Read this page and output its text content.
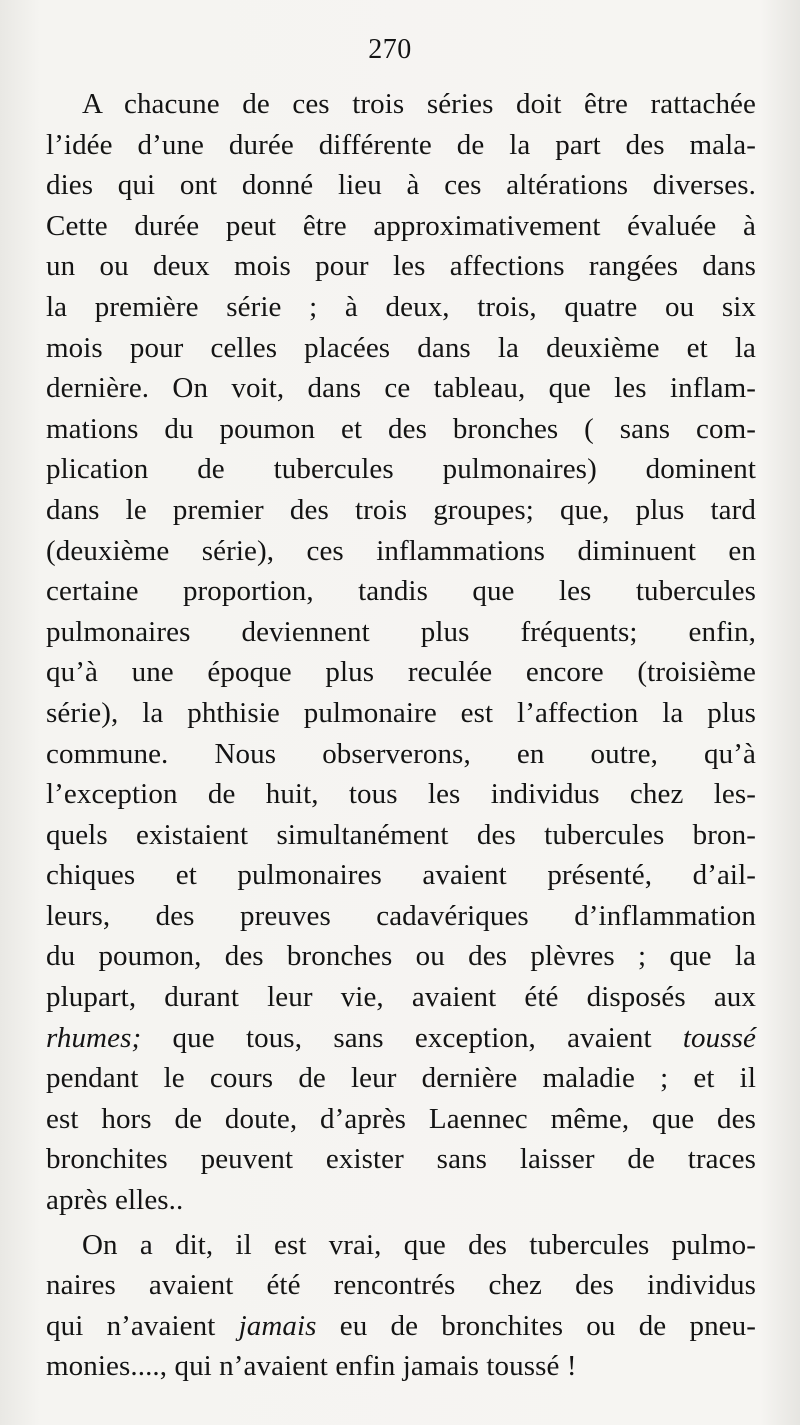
270
A chacune de ces trois séries doit être rattachée
l’idée d’une durée différente de la part des mala-
dies qui ont donné lieu à ces altérations diverses.
Cette durée peut être approximativement évaluée à
un ou deux mois pour les affections rangées dans
la première série ; à deux, trois, quatre ou six
mois pour celles placées dans la deuxième et la
dernière. On voit, dans ce tableau, que les inflam-
mations du poumon et des bronches ( sans com-
plication de tubercules pulmonaires) dominent
dans le premier des trois groupes; que, plus tard
(deuxième série), ces inflammations diminuent en
certaine proportion, tandis que les tubercules
pulmonaires deviennent plus fréquents; enfin,
qu’à une époque plus reculée encore (troisième
série), la phthisie pulmonaire est l’affection la plus
commune. Nous observerons, en outre, qu’à
l’exception de huit, tous les individus chez les-
quels existaient simultanément des tubercules bron-
chiques et pulmonaires avaient présenté, d’ail-
leurs, des preuves cadavériques d’inflammation
du poumon, des bronches ou des plèvres ; que la
plupart, durant leur vie, avaient été disposés aux
rhumes; que tous, sans exception, avaient toussé
pendant le cours de leur dernière maladie ; et il
est hors de doute, d’après Laennec même, que des
bronchites peuvent exister sans laisser de traces
après elles..
On a dit, il est vrai, que des tubercules pulmo-
naires avaient été rencontrés chez des individus
qui n’avaient jamais eu de bronchites ou de pneu-
monies...., qui n’avaient enfin jamais toussé !
